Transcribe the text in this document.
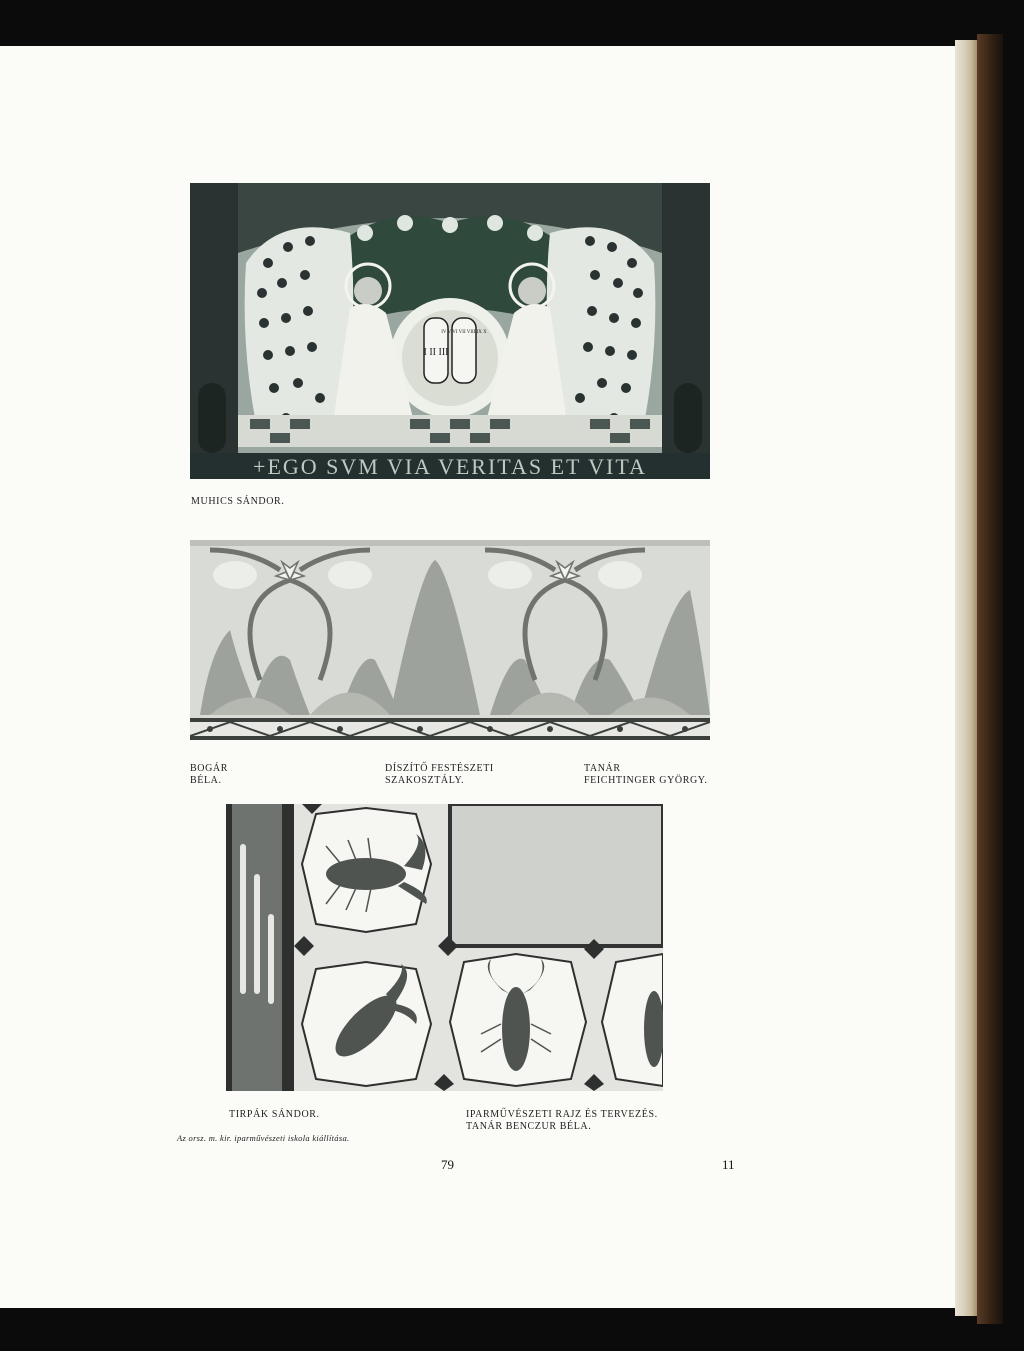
I II III
IV V VI VII VIII IX X
+EGO SVM VIA VERITAS ET VITA
MUHICS SÁNDOR.
BOGÁR
BÉLA.
DÍSZÍTŐ FESTÉSZETI
SZAKOSZTÁLY.
TANÁR
FEICHTINGER GYÖRGY.
TIRPÁK SÁNDOR.	IPARMŰVÉSZETI RAJZ ÉS TERVEZÉS.
TANÁR BENCZUR BÉLA.
Az orsz. m. kir. iparművészeti iskola kiállítása.
79	11
